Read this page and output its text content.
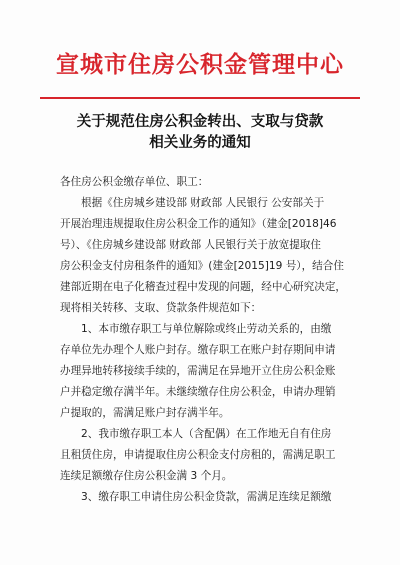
宣城市住房公积金管理中心
关于规范住房公积金转出、支取与贷款
相关业务的通知
各住房公积金缴存单位、职工：
根据《住房城乡建设部 财政部 人民银行 公安部关于
开展治理违规提取住房公积金工作的通知》（建金[2018]46
号）、《住房城乡建设部 财政部 人民银行关于放宽提取住
房公积金支付房租条件的通知》(建金[2015]19 号），结合住
建部近期在电子化稽查过程中发现的问题，经中心研究决定，
现将相关转移、支取、贷款条件规范如下：
1、本市缴存职工与单位解除或终止劳动关系的，由缴
存单位先办理个人账户封存。缴存职工在账户封存期间申请
办理异地转移接续手续的，需满足在异地开立住房公积金账
户并稳定缴存满半年。未继续缴存住房公积金，申请办理销
户提取的，需满足账户封存满半年。
2、我市缴存职工本人（含配偶）在工作地无自有住房
且租赁住房，申请提取住房公积金支付房租的，需满足职工
连续足额缴存住房公积金满 3 个月。
3、缴存职工申请住房公积金贷款，需满足连续足额缴
